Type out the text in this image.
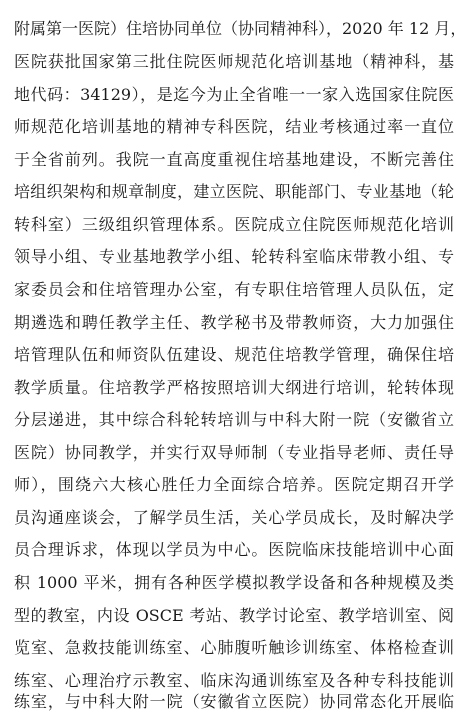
附属第一医院）住培协同单位（协同精神科），2020 年 12 月，
医院获批国家第三批住院医师规范化培训基地（精神科，基
地代码：34129），是迄今为止全省唯一一家入选国家住院医
师规范化培训基地的精神专科医院，结业考核通过率一直位
于全省前列。我院一直高度重视住培基地建设，不断完善住
培组织架构和规章制度，建立医院、职能部门、专业基地（轮
转科室）三级组织管理体系。医院成立住院医师规范化培训
领导小组、专业基地教学小组、轮转科室临床带教小组、专
家委员会和住培管理办公室，有专职住培管理人员队伍，定
期遴选和聘任教学主任、教学秘书及带教师资，大力加强住
培管理队伍和师资队伍建设、规范住培教学管理，确保住培
教学质量。住培教学严格按照培训大纲进行培训，轮转体现
分层递进，其中综合科轮转培训与中科大附一院（安徽省立
医院）协同教学，并实行双导师制（专业指导老师、责任导
师），围绕六大核心胜任力全面综合培养。医院定期召开学
员沟通座谈会，了解学员生活，关心学员成长，及时解决学
员合理诉求，体现以学员为中心。医院临床技能培训中心面
积 1000 平米，拥有各种医学模拟教学设备和各种规模及类
型的教室，内设 OSCE 考站、教学讨论室、教学培训室、阅
览室、急救技能训练室、心肺腹听触诊训练室、体格检查训
练室、心理治疗示教室、临床沟通训练室及各种专科技能训
练室，与中科大附一院（安徽省立医院）协同常态化开展临
